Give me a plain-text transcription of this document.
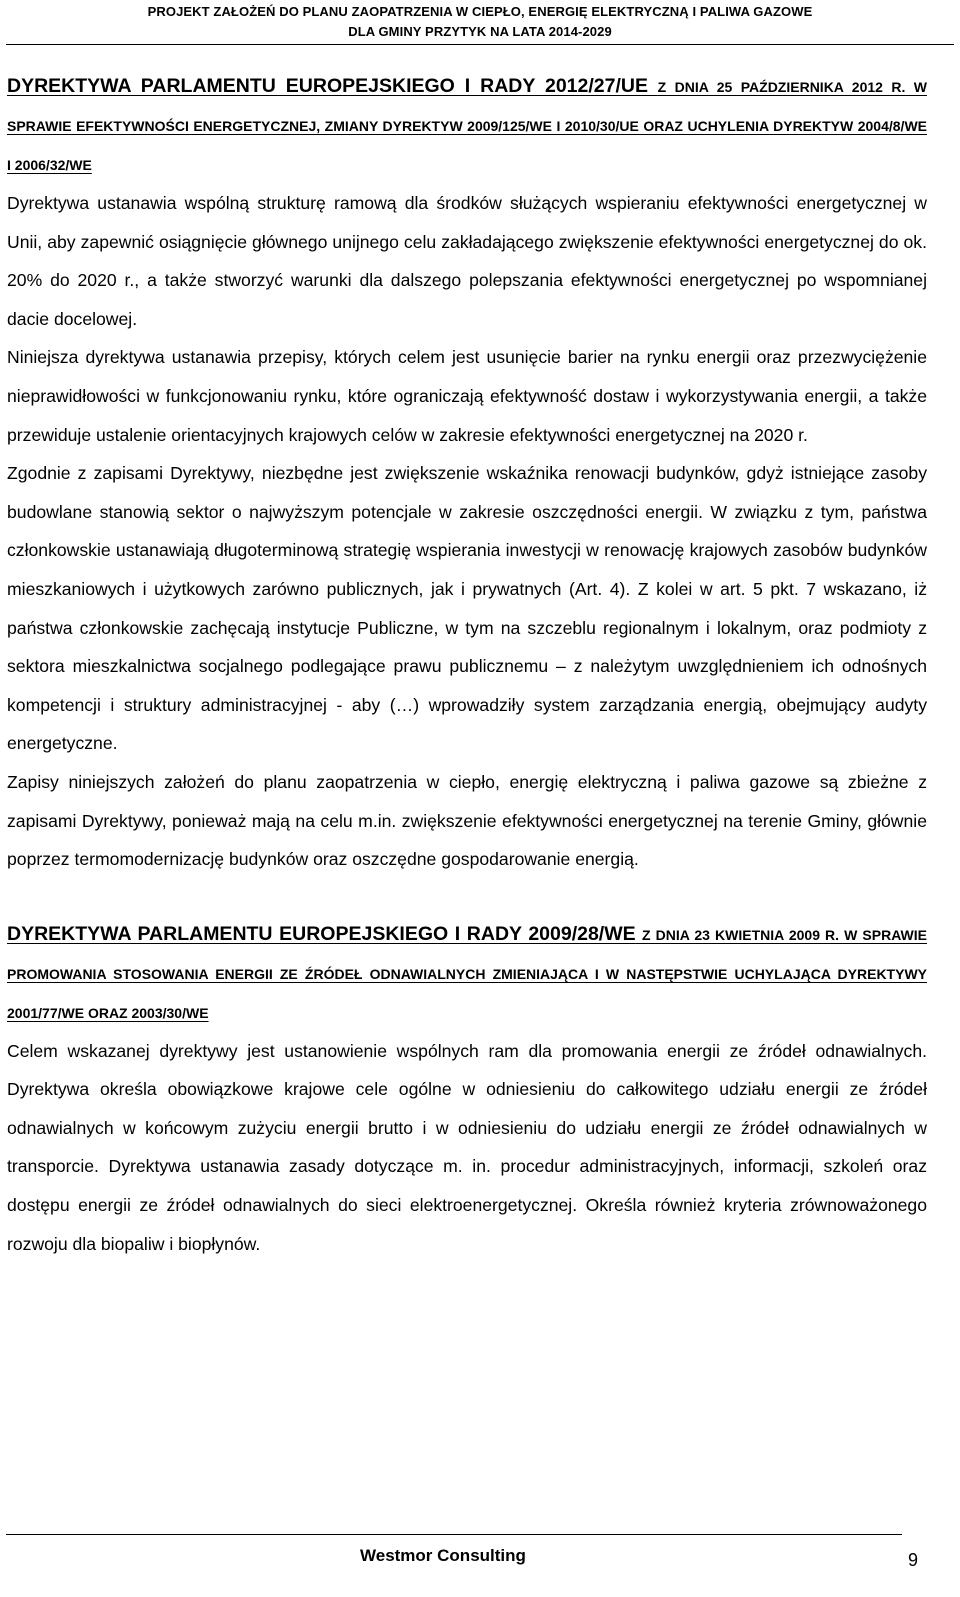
PROJEKT ZAŁOŻEŃ DO PLANU ZAOPATRZENIA W CIEPŁO, ENERGIĘ ELEKTRYCZNĄ I PALIWA GAZOWE
DLA GMINY PRZYTYK NA LATA 2014-2029
DYREKTYWA PARLAMENTU EUROPEJSKIEGO I RADY 2012/27/UE Z DNIA 25 PAŹDZIERNIKA 2012 R. W SPRAWIE EFEKTYWNOŚCI ENERGETYCZNEJ, ZMIANY DYREKTYW 2009/125/WE I 2010/30/UE ORAZ UCHYLENIA DYREKTYW 2004/8/WE I 2006/32/WE

Dyrektywa ustanawia wspólną strukturę ramową dla środków służących wspieraniu efektywności energetycznej w Unii, aby zapewnić osiągnięcie głównego unijnego celu zakładającego zwiększenie efektywności energetycznej do ok. 20% do 2020 r., a także stworzyć warunki dla dalszego polepszania efektywności energetycznej po wspomnianej dacie docelowej.

Niniejsza dyrektywa ustanawia przepisy, których celem jest usunięcie barier na rynku energii oraz przezwyciężenie nieprawidłowości w funkcjonowaniu rynku, które ograniczają efektywność dostaw i wykorzystywania energii, a także przewiduje ustalenie orientacyjnych krajowych celów w zakresie efektywności energetycznej na 2020 r.

Zgodnie z zapisami Dyrektywy, niezbędne jest zwiększenie wskaźnika renowacji budynków, gdyż istniejące zasoby budowlane stanowią sektor o najwyższym potencjale w zakresie oszczędności energii. W związku z tym, państwa członkowskie ustanawiają długoterminową strategię wspierania inwestycji w renowację krajowych zasobów budynków mieszkaniowych i użytkowych zarówno publicznych, jak i prywatnych (Art. 4). Z kolei w art. 5 pkt. 7 wskazano, iż państwa członkowskie zachęcają instytucje Publiczne, w tym na szczeblu regionalnym i lokalnym, oraz podmioty z sektora mieszkalnictwa socjalnego podlegające prawu publicznemu – z należytym uwzględnieniem ich odnośnych kompetencji i struktury administracyjnej - aby (…) wprowadziły system zarządzania energią, obejmujący audyty energetyczne.

Zapisy niniejszych założeń do planu zaopatrzenia w ciepło, energię elektryczną i paliwa gazowe są zbieżne z zapisami Dyrektywy, ponieważ mają na celu m.in. zwiększenie efektywności energetycznej na terenie Gminy, głównie poprzez termomodernizację budynków oraz oszczędne gospodarowanie energią.

DYREKTYWA PARLAMENTU EUROPEJSKIEGO I RADY 2009/28/WE Z DNIA 23 KWIETNIA 2009 R. W SPRAWIE PROMOWANIA STOSOWANIA ENERGII ZE ŹRÓDEŁ ODNAWIALNYCH ZMIENIAJĄCA I W NASTĘPSTWIE UCHYLAJĄCA DYREKTYWY 2001/77/WE ORAZ 2003/30/WE

Celem wskazanej dyrektywy jest ustanowienie wspólnych ram dla promowania energii ze źródeł odnawialnych. Dyrektywa określa obowiązkowe krajowe cele ogólne w odniesieniu do całkowitego udziału energii ze źródeł odnawialnych w końcowym zużyciu energii brutto i w odniesieniu do udziału energii ze źródeł odnawialnych w transporcie. Dyrektywa ustanawia zasady dotyczące m. in. procedur administracyjnych, informacji, szkoleń oraz dostępu energii ze źródeł odnawialnych do sieci elektroenergetycznej. Określa również kryteria zrównoważonego rozwoju dla biopaliw i biopłynów.

Westmor Consulting	9
